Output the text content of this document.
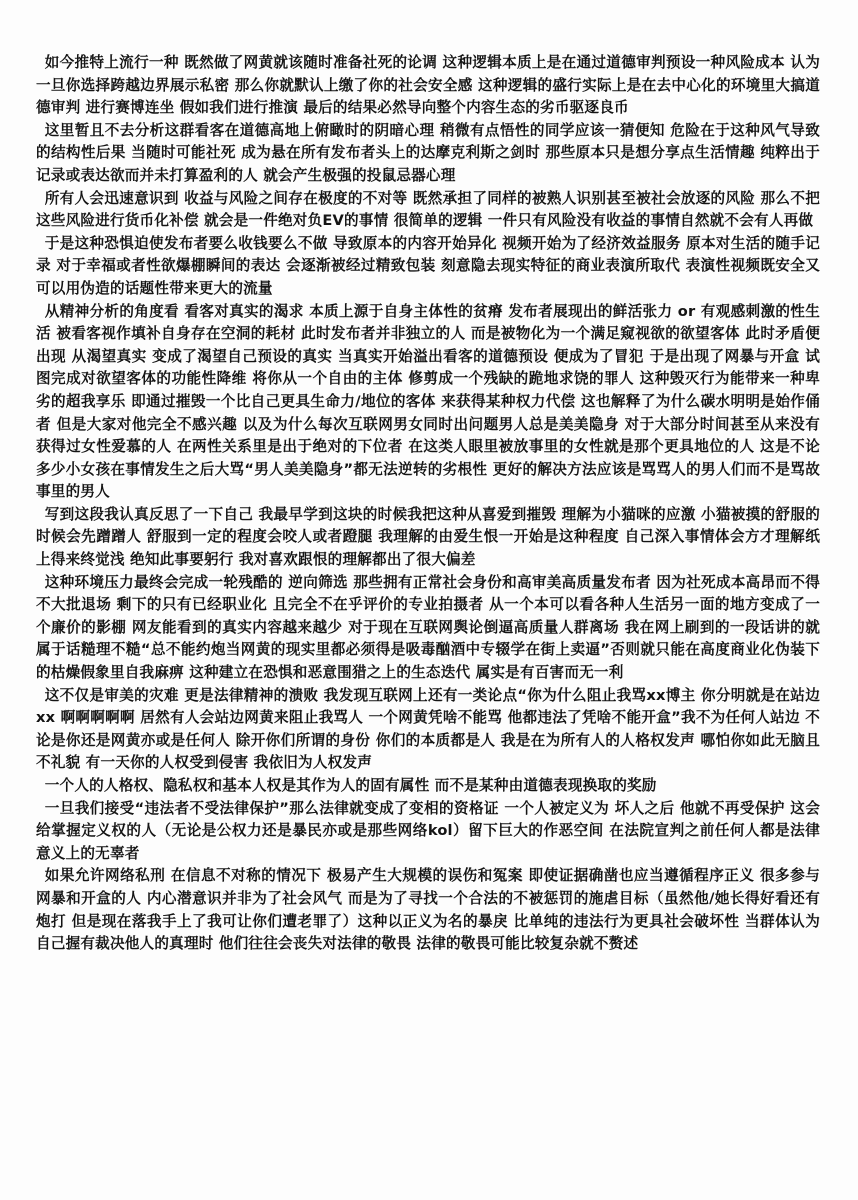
如今推特上流行一种 既然做了网黄就该随时准备社死的论调 这种逻辑本质上是在通过道德审判预设一种风险成本 认为一旦你选择跨越边界展示私密 那么你就默认上缴了你的社会安全感 这种逻辑的盛行实际上是在去中心化的环境里大搞道德审判 进行赛博连坐 假如我们进行推演 最后的结果必然导向整个内容生态的劣币驱逐良币

这里暂且不去分析这群看客在道德高地上俯瞰时的阴暗心理 稍微有点悟性的同学应该一猜便知 危险在于这种风气导致的结构性后果 当随时可能社死 成为悬在所有发布者头上的达摩克利斯之剑时 那些原本只是想分享点生活情趣 纯粹出于记录或表达欲而并未打算盈利的人 就会产生极强的投鼠忌器心理

所有人会迅速意识到 收益与风险之间存在极度的不对等 既然承担了同样的被熟人识别甚至被社会放逐的风险 那么不把这些风险进行货币化补偿 就会是一件绝对负EV的事情 很简单的逻辑 一件只有风险没有收益的事情自然就不会有人再做

于是这种恐惧迫使发布者要么收钱要么不做 导致原本的内容开始异化 视频开始为了经济效益服务 原本对生活的随手记录 对于幸福或者性欲爆棚瞬间的表达 会逐渐被经过精致包装 刻意隐去现实特征的商业表演所取代 表演性视频既安全又可以用伪造的话题性带来更大的流量

从精神分析的角度看 看客对真实的渴求 本质上源于自身主体性的贫瘠 发布者展现出的鲜活张力 or 有观感刺激的性生活 被看客视作填补自身存在空洞的耗材 此时发布者并非独立的人 而是被物化为一个满足窥视欲的欲望客体 此时矛盾便出现 从渴望真实 变成了渴望自己预设的真实 当真实开始溢出看客的道德预设 便成为了冒犯 于是出现了网暴与开盒 试图完成对欲望客体的功能性降维 将你从一个自由的主体 修剪成一个残缺的跪地求饶的罪人 这种毁灭行为能带来一种卑劣的超我享乐 即通过摧毁一个比自己更具生命力/地位的客体 来获得某种权力代偿 这也解释了为什么碳水明明是始作俑者 但是大家对他完全不感兴趣 以及为什么每次互联网男女同时出问题男人总是美美隐身 对于大部分时间甚至从来没有获得过女性爱慕的人 在两性关系里是出于绝对的下位者 在这类人眼里被放事里的女性就是那个更具地位的人 这是不论多少小女孩在事情发生之后大骂“男人美美隐身”都无法逆转的劣根性 更好的解决方法应该是骂骂人的男人们而不是骂故事里的男人

写到这段我认真反思了一下自己 我最早学到这块的时候我把这种从喜爱到摧毁 理解为小猫咪的应激 小猫被摸的舒服的时候会先蹭蹭人 舒服到一定的程度会咬人或者蹬腿 我理解的由爱生恨一开始是这种程度 自己深入事情体会方才理解纸上得来终觉浅 绝知此事要躬行 我对喜欢跟恨的理解都出了很大偏差

这种环境压力最终会完成一轮残酷的 逆向筛选 那些拥有正常社会身份和高审美高质量发布者 因为社死成本高昂而不得不大批退场 剩下的只有已经职业化 且完全不在乎评价的专业拍摄者 从一个本可以看各种人生活另一面的地方变成了一个廉价的影棚 网友能看到的真实内容越来越少 对于现在互联网舆论倒逼高质量人群离场 我在网上刷到的一段话讲的就属于话糙理不糙“总不能约炮当网黄的现实里都必须得是吸毒酗酒中专辍学在街上卖逼”否则就只能在高度商业化伪装下的枯燥假象里自我麻痹 这种建立在恐惧和恶意围猎之上的生态迭代 属实是有百害而无一利

这不仅是审美的灾难 更是法律精神的溃败 我发现互联网上还有一类论点“你为什么阻止我骂xx博主 你分明就是在站边xx 啊啊啊啊啊 居然有人会站边网黄来阻止我骂人 一个网黄凭啥不能骂 他都违法了凭啥不能开盒”我不为任何人站边 不论是你还是网黄亦或是任何人 除开你们所谓的身份 你们的本质都是人 我是在为所有人的人格权发声 哪怕你如此无脑且不礼貌 有一天你的人权受到侵害 我依旧为人权发声

一个人的人格权、隐私权和基本人权是其作为人的固有属性 而不是某种由道德表现换取的奖励

一旦我们接受“违法者不受法律保护”那么法律就变成了变相的资格证 一个人被定义为 坏人之后 他就不再受保护 这会给掌握定义权的人（无论是公权力还是暴民亦或是那些网络kol）留下巨大的作恶空间 在法院宣判之前任何人都是法律意义上的无辜者

如果允许网络私刑 在信息不对称的情况下 极易产生大规模的误伤和冤案 即使证据确凿也应当遵循程序正义 很多参与网暴和开盒的人 内心潜意识并非为了社会风气 而是为了寻找一个合法的不被惩罚的施虐目标（虽然他/她长得好看还有炮打 但是现在落我手上了我可让你们遭老罪了）这种以正义为名的暴戾 比单纯的违法行为更具社会破坏性 当群体认为自己握有裁决他人的真理时 他们往往会丧失对法律的敬畏 法律的敬畏可能比较复杂就不赘述
